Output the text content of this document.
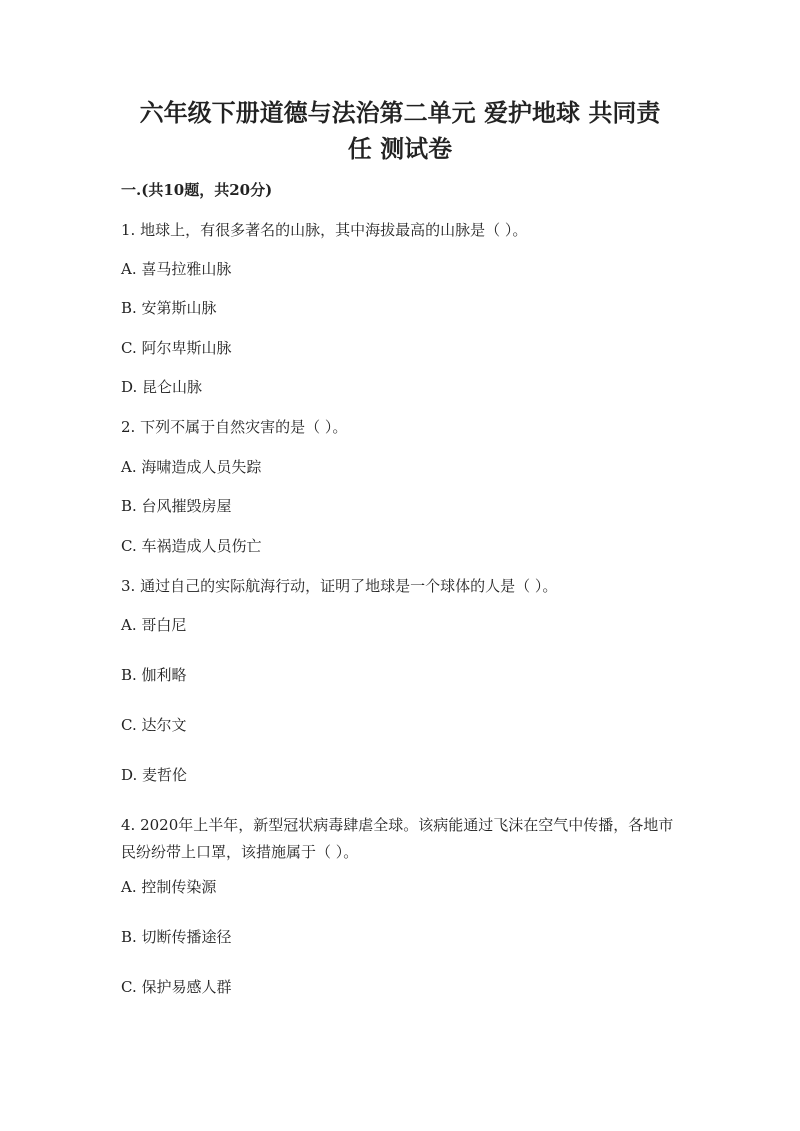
六年级下册道德与法治第二单元 爱护地球 共同责
任 测试卷
一.(共10题，共20分)
1. 地球上，有很多著名的山脉，其中海拔最高的山脉是（ ）。
A. 喜马拉雅山脉
B. 安第斯山脉
C. 阿尔卑斯山脉
D. 昆仑山脉
2. 下列不属于自然灾害的是（ ）。
A. 海啸造成人员失踪
B. 台风摧毁房屋
C. 车祸造成人员伤亡
3. 通过自己的实际航海行动，证明了地球是一个球体的人是（ ）。
A. 哥白尼
B. 伽利略
C. 达尔文
D. 麦哲伦
4. 2020年上半年，新型冠状病毒肆虐全球。该病能通过飞沫在空气中传播，各地市民纷纷带上口罩，该措施属于（ ）。
A. 控制传染源
B. 切断传播途径
C. 保护易感人群
